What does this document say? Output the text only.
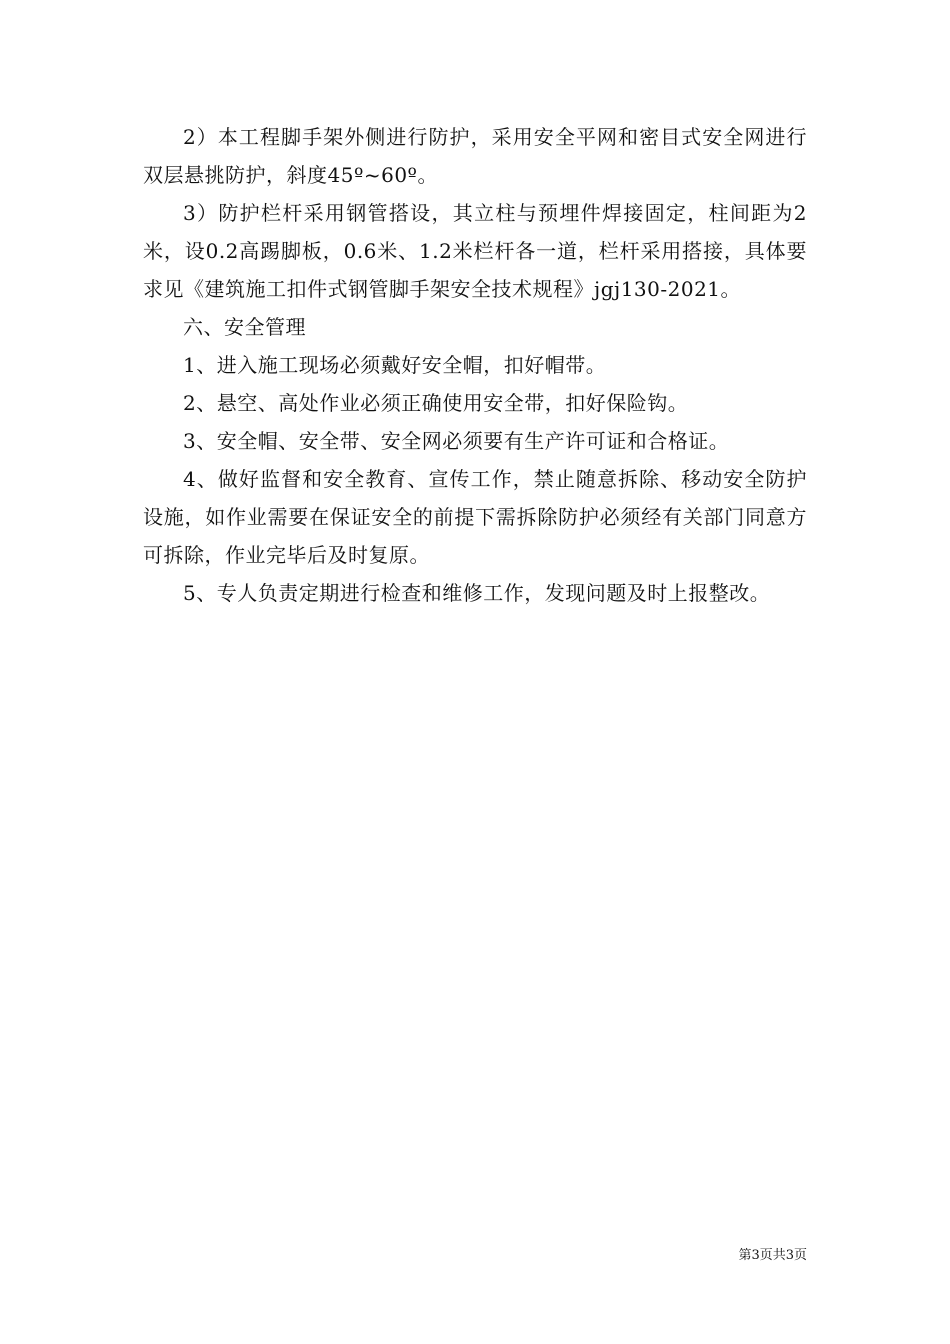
2）本工程脚手架外侧进行防护，采用安全平网和密目式安全网进行双层悬挑防护，斜度45º~60º。

3）防护栏杆采用钢管搭设，其立柱与预埋件焊接固定，柱间距为2米，设0.2高踢脚板，0.6米、1.2米栏杆各一道，栏杆采用搭接，具体要求见《建筑施工扣件式钢管脚手架安全技术规程》jgj130-2021。

六、安全管理

1、进入施工现场必须戴好安全帽，扣好帽带。

2、悬空、高处作业必须正确使用安全带，扣好保险钩。

3、安全帽、安全带、安全网必须要有生产许可证和合格证。

4、做好监督和安全教育、宣传工作，禁止随意拆除、移动安全防护设施，如作业需要在保证安全的前提下需拆除防护必须经有关部门同意方可拆除，作业完毕后及时复原。

5、专人负责定期进行检查和维修工作，发现问题及时上报整改。

第3页共3页
